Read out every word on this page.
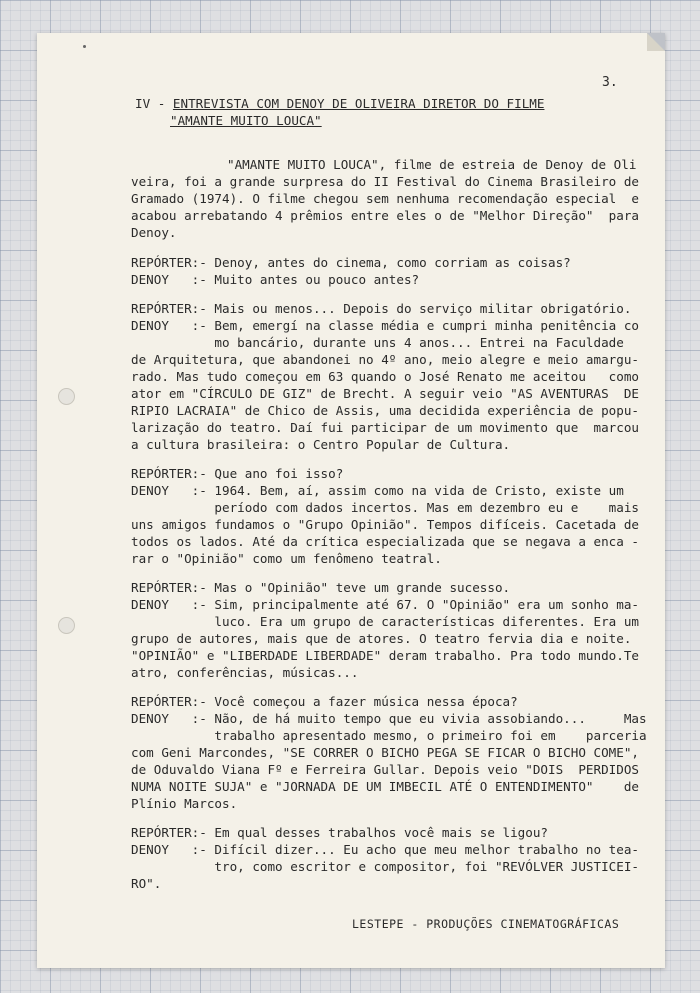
3.
IV - ENTREVISTA COM DENOY DE OLIVEIRA DIRETOR DO FILME
"AMANTE MUITO LOUCA"
"AMANTE MUITO LOUCA", filme de estreia de Denoy de Oli
veira, foi a grande surpresa do II Festival do Cinema Brasileiro de
Gramado (1974). O filme chegou sem nenhuma recomendação especial  e
acabou arrebatando 4 prêmios entre eles o de "Melhor Direção"  para
Denoy.
REPÓRTER:- Denoy, antes do cinema, como corriam as coisas?
DENOY   :- Muito antes ou pouco antes?
REPÓRTER:- Mais ou menos... Depois do serviço militar obrigatório.
DENOY   :- Bem, emergí na classe média e cumpri minha penitência co
mo bancário, durante uns 4 anos... Entrei na Faculdade
de Arquitetura, que abandonei no 4º ano, meio alegre e meio amargu-
rado. Mas tudo começou em 63 quando o José Renato me aceitou   como
ator em "CÍRCULO DE GIZ" de Brecht. A seguir veio "AS AVENTURAS  DE
RIPIO LACRAIA" de Chico de Assis, uma decidida experiência de popu-
larização do teatro. Daí fui participar de um movimento que  marcou
a cultura brasileira: o Centro Popular de Cultura.
REPÓRTER:- Que ano foi isso?
DENOY   :- 1964. Bem, aí, assim como na vida de Cristo, existe um
período com dados incertos. Mas em dezembro eu e    mais
uns amigos fundamos o "Grupo Opinião". Tempos difíceis. Cacetada de
todos os lados. Até da crítica especializada que se negava a enca -
rar o "Opinião" como um fenômeno teatral.
REPÓRTER:- Mas o "Opinião" teve um grande sucesso.
DENOY   :- Sim, principalmente até 67. O "Opinião" era um sonho ma-
luco. Era um grupo de características diferentes. Era um
grupo de autores, mais que de atores. O teatro fervia dia e noite.
"OPINIÃO" e "LIBERDADE LIBERDADE" deram trabalho. Pra todo mundo.Te
atro, conferências, músicas...
REPÓRTER:- Você começou a fazer música nessa época?
DENOY   :- Não, de há muito tempo que eu vivia assobiando...     Mas
trabalho apresentado mesmo, o primeiro foi em    parceria
com Geni Marcondes, "SE CORRER O BICHO PEGA SE FICAR O BICHO COME",
de Oduvaldo Viana Fº e Ferreira Gullar. Depois veio "DOIS  PERDIDOS
NUMA NOITE SUJA" e "JORNADA DE UM IMBECIL ATÉ O ENTENDIMENTO"    de
Plínio Marcos.
REPÓRTER:- Em qual desses trabalhos você mais se ligou?
DENOY   :- Difícil dizer... Eu acho que meu melhor trabalho no tea-
tro, como escritor e compositor, foi "REVÓLVER JUSTICEI-
RO".
LESTEPE - PRODUÇÕES CINEMATOGRÁFICAS
